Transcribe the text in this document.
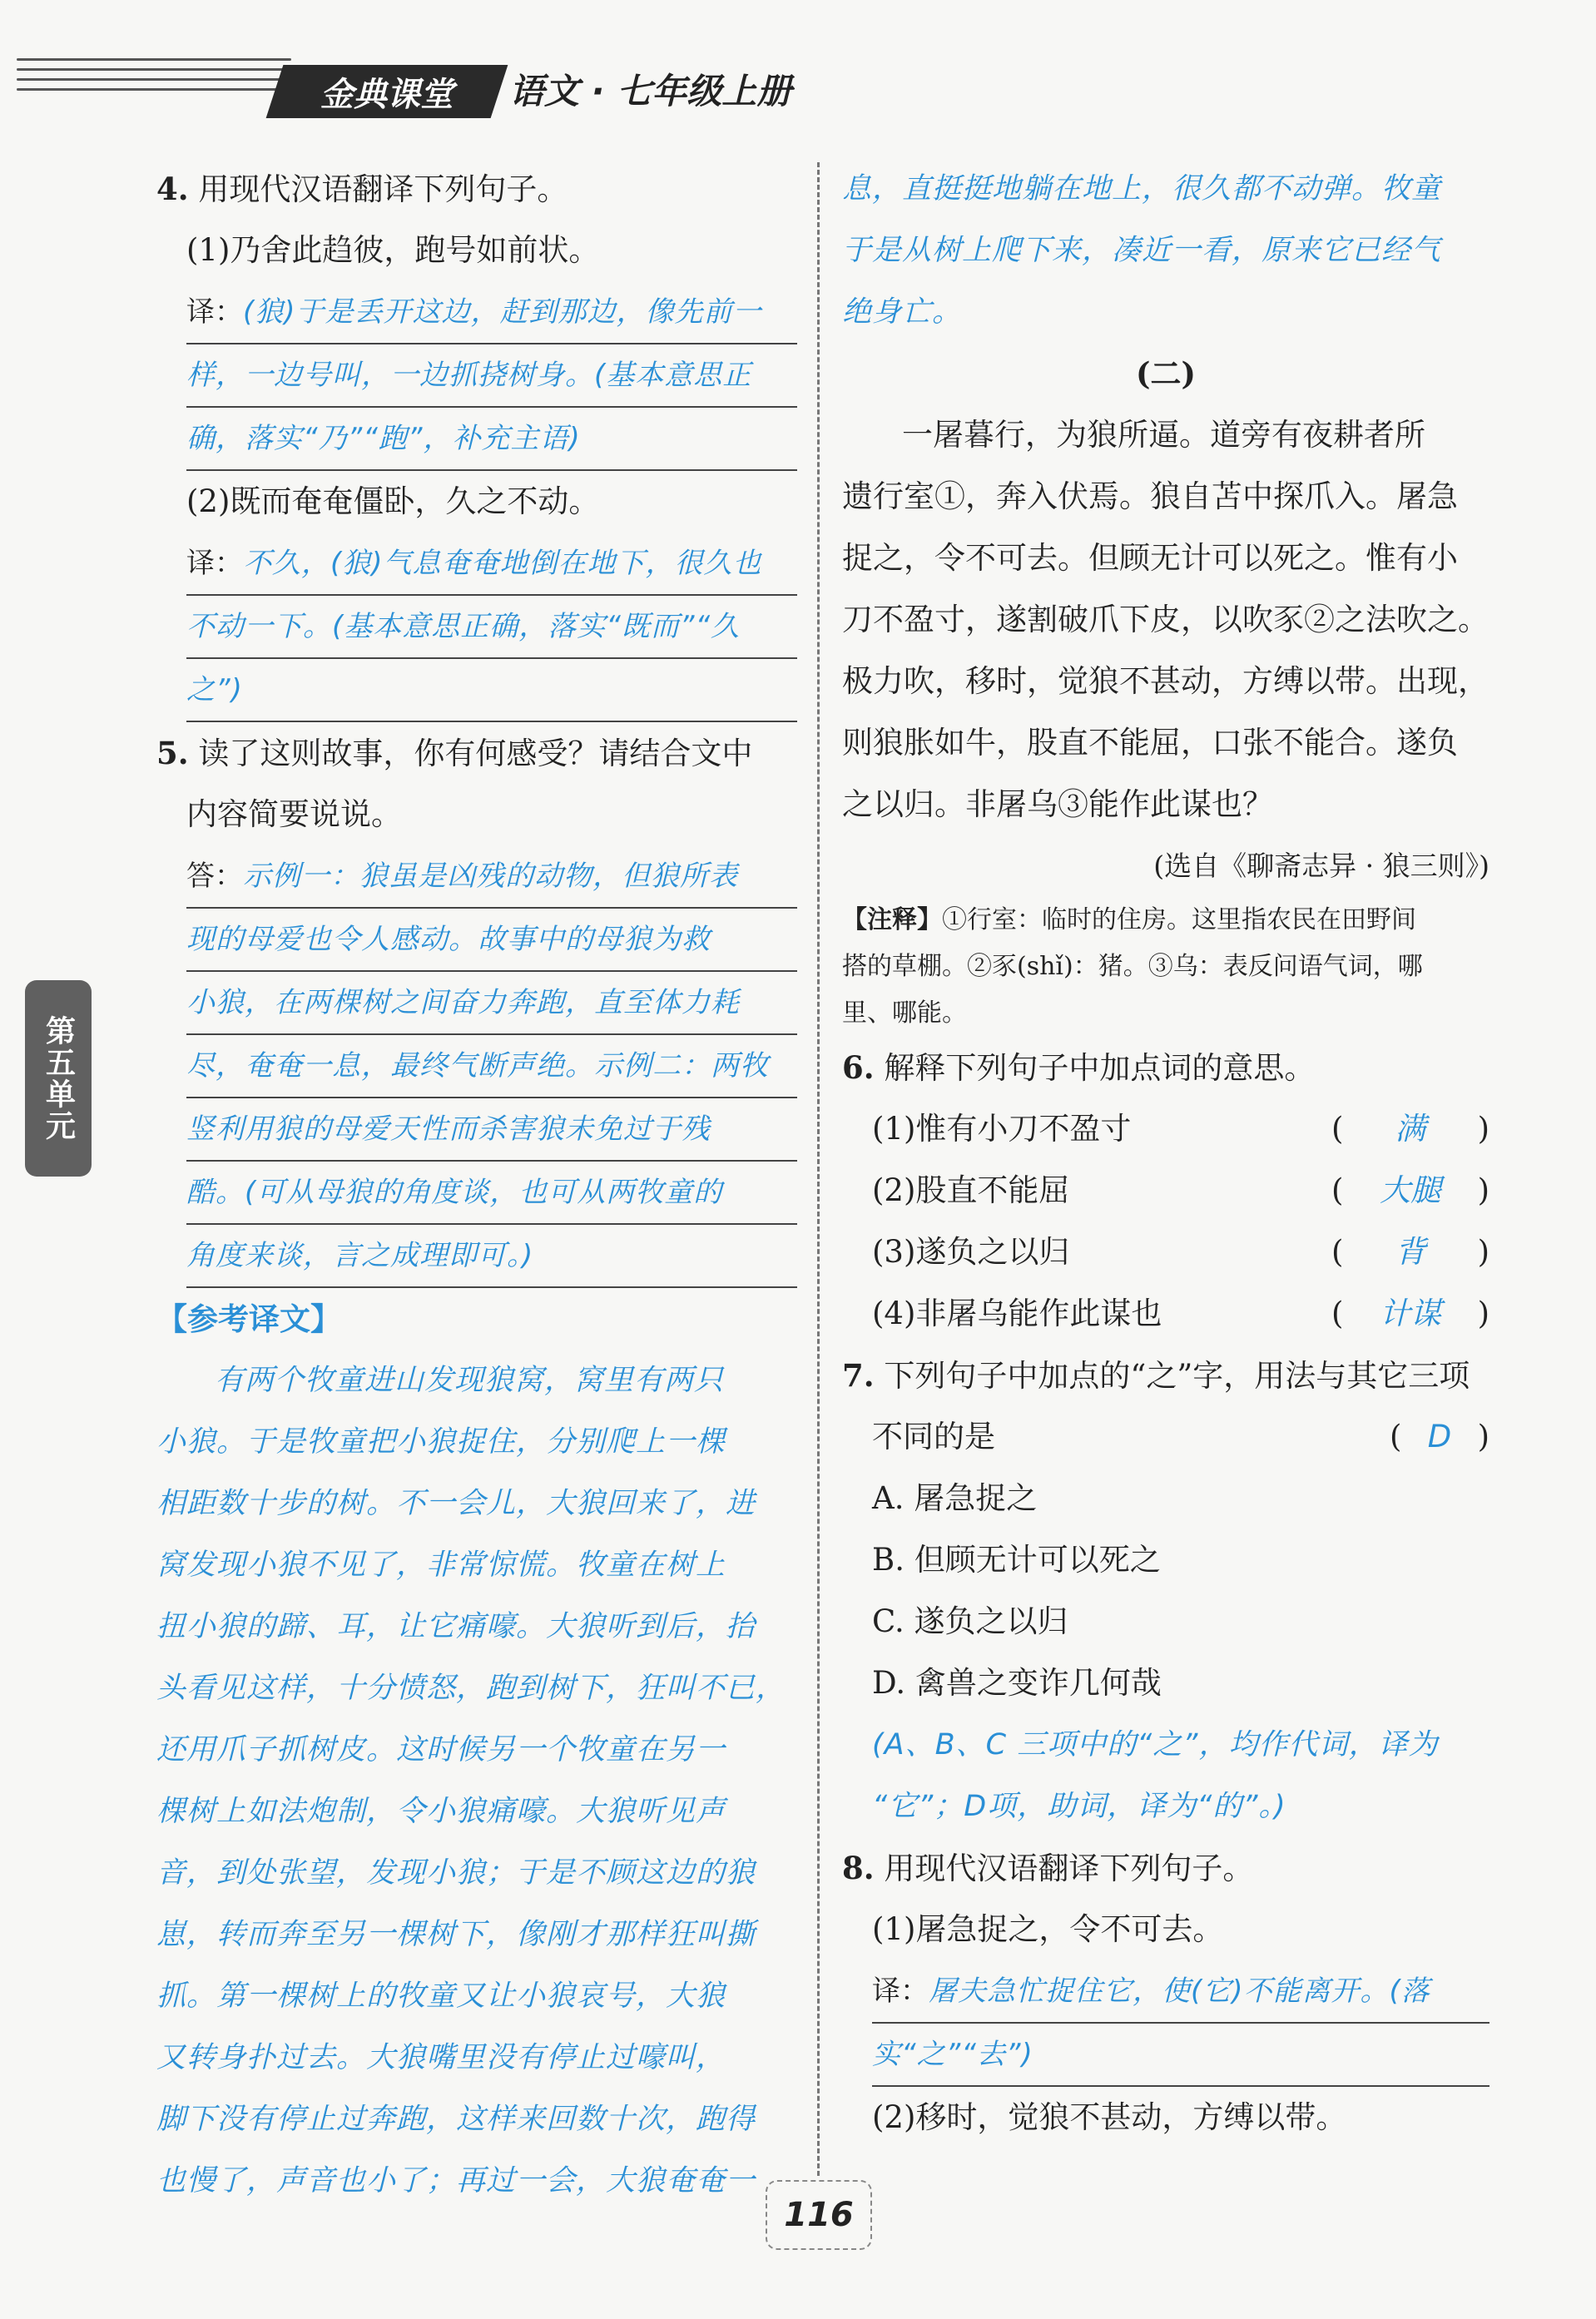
金典课堂 语文 · 七年级上册
第五单元
4. 用现代汉语翻译下列句子。
(1)乃舍此趋彼，跑号如前状。
译：(狼)于是丢开这边，赶到那边，像先前一
样，一边号叫，一边抓挠树身。(基本意思正
确，落实“乃”“跑”，补充主语)
(2)既而奄奄僵卧，久之不动。
译：不久，(狼)气息奄奄地倒在地下，很久也
不动一下。(基本意思正确，落实“既而”“久
之”)
5. 读了这则故事，你有何感受？请结合文中
内容简要说说。
答：示例一：狼虽是凶残的动物，但狼所表
现的母爱也令人感动。故事中的母狼为救
小狼，在两棵树之间奋力奔跑，直至体力耗
尽，奄奄一息，最终气断声绝。示例二：两牧
竖利用狼的母爱天性而杀害狼未免过于残
酷。(可从母狼的角度谈，也可从两牧童的
角度来谈，言之成理即可。)
【参考译文】
有两个牧童进山发现狼窝，窝里有两只
小狼。于是牧童把小狼捉住，分别爬上一棵
相距数十步的树。不一会儿，大狼回来了，进
窝发现小狼不见了，非常惊慌。牧童在树上
扭小狼的蹄、耳，让它痛嚎。大狼听到后，抬
头看见这样，十分愤怒，跑到树下，狂叫不已，
还用爪子抓树皮。这时候另一个牧童在另一
棵树上如法炮制，令小狼痛嚎。大狼听见声
音，到处张望，发现小狼；于是不顾这边的狼
崽，转而奔至另一棵树下，像刚才那样狂叫撕
抓。第一棵树上的牧童又让小狼哀号，大狼
又转身扑过去。大狼嘴里没有停止过嚎叫，
脚下没有停止过奔跑，这样来回数十次，跑得
也慢了，声音也小了；再过一会，大狼奄奄一
息，直挺挺地躺在地上，很久都不动弹。牧童
于是从树上爬下来，凑近一看，原来它已经气
绝身亡。
(二)
一屠暮行，为狼所逼。道旁有夜耕者所
遗行室①，奔入伏焉。狼自苫中探爪入。屠急
捉之，令不可去。但顾无计可以死之。惟有小
刀不盈寸，遂割破爪下皮，以吹豕②之法吹之。
极力吹，移时，觉狼不甚动，方缚以带。出现，
则狼胀如牛，股直不能屈，口张不能合。遂负
之以归。非屠乌③能作此谋也？
(选自《聊斋志异 · 狼三则》)
【注释】①行室：临时的住房。这里指农民在田野间
搭的草棚。②豕(shǐ)：猪。③乌：表反问语气词，哪
里、哪能。
6. 解释下列句子中加点词的意思。
(1)惟有小刀不盈寸	( 满 )
(2)股直不能屈	( 大腿 )
(3)遂负之以归	( 背 )
(4)非屠乌能作此谋也	( 计谋 )
7. 下列句子中加点的“之”字，用法与其它三项
不同的是	( D )
A. 屠急捉之
B. 但顾无计可以死之
C. 遂负之以归
D. 禽兽之变诈几何哉
(A、B、C 三项中的“之”，均作代词，译为
“它”；D项，助词，译为“的”。)
8. 用现代汉语翻译下列句子。
(1)屠急捉之，令不可去。
译：屠夫急忙捉住它，使(它)不能离开。(落
实“之”“去”)
(2)移时，觉狼不甚动，方缚以带。
116
